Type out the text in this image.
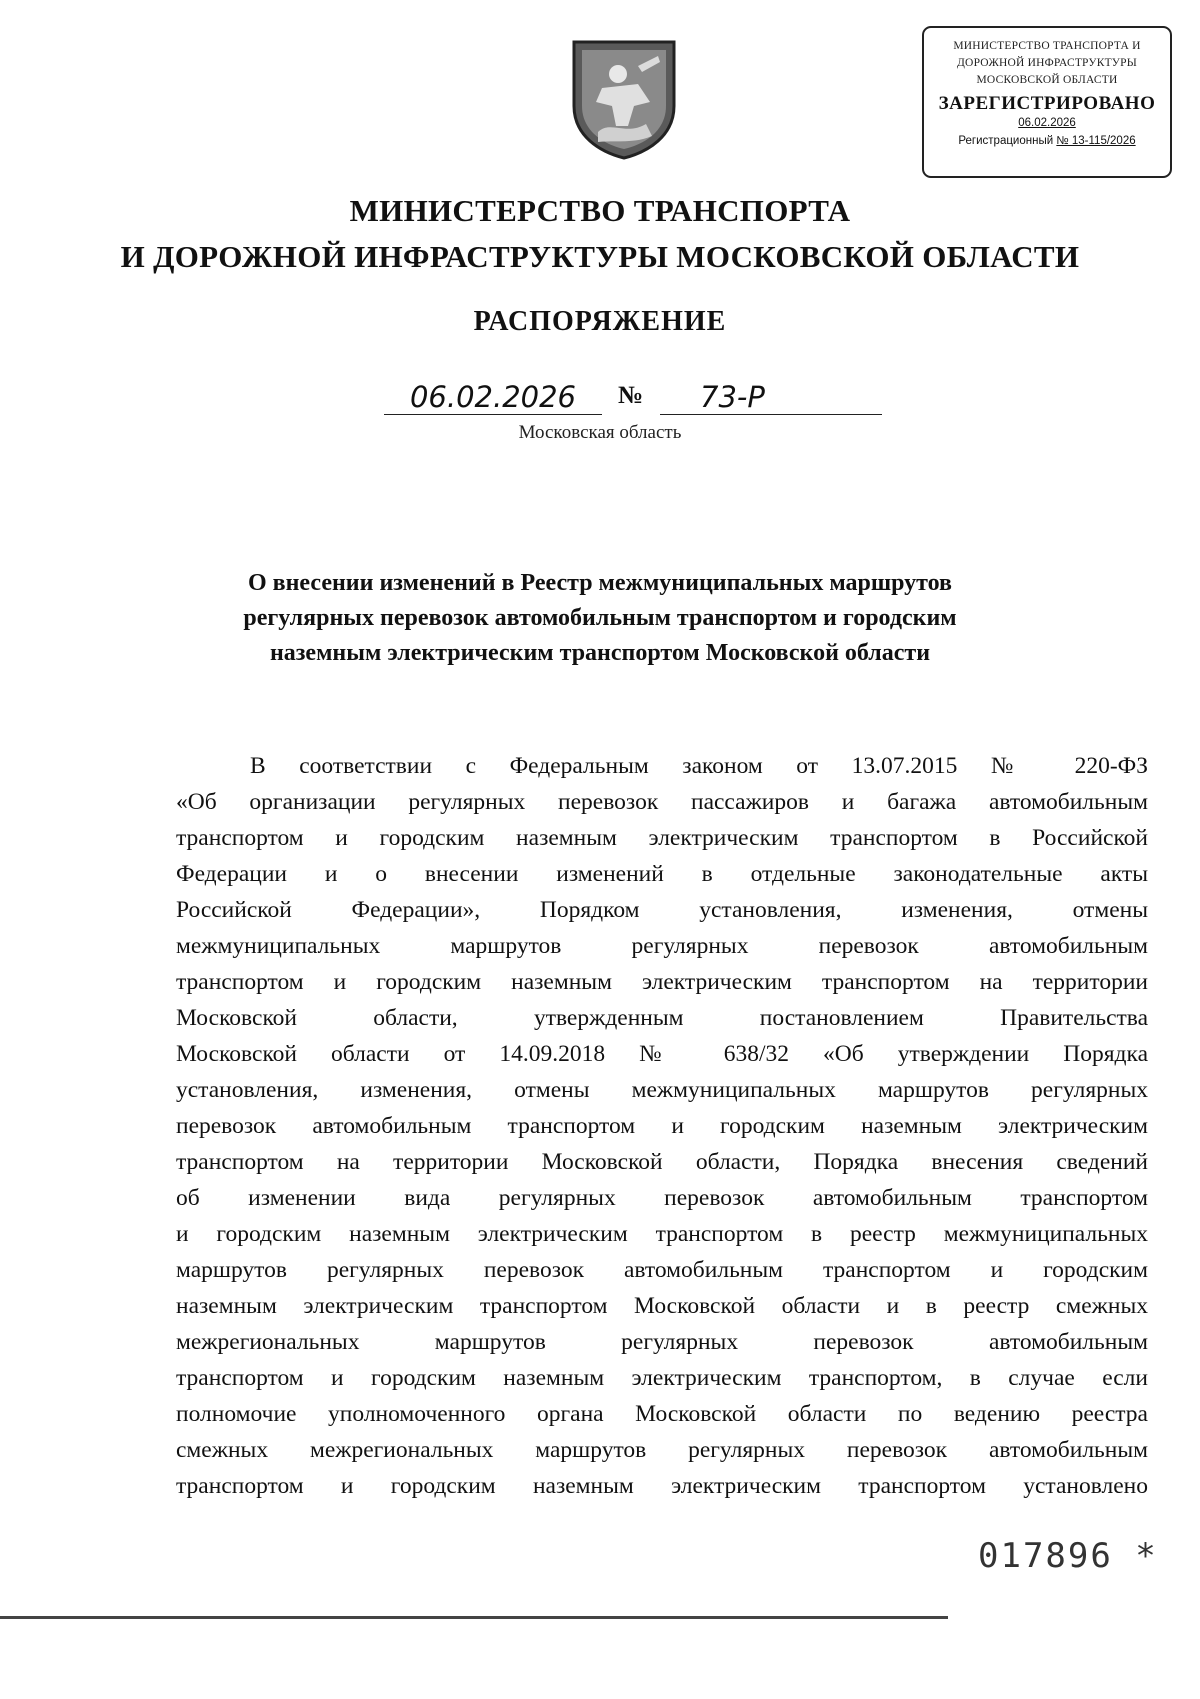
МИНИСТЕРСТВО ТРАНСПОРТА И
ДОРОЖНОЙ ИНФРАСТРУКТУРЫ
МОСКОВСКОЙ ОБЛАСТИ
ЗАРЕГИСТРИРОВАНО
06.02.2026
Регистрационный № 13-115/2026
МИНИСТЕРСТВО ТРАНСПОРТА
И ДОРОЖНОЙ ИНФРАСТРУКТУРЫ МОСКОВСКОЙ ОБЛАСТИ
РАСПОРЯЖЕНИЕ
06.02.2026	№	73-Р
Московская область
О внесении изменений в Реестр межмуниципальных маршрутов
регулярных перевозок автомобильным транспортом и городским
наземным электрическим транспортом Московской области
В соответствии с Федеральным законом от 13.07.2015 № 220-ФЗ
«Об организации регулярных перевозок пассажиров и багажа автомобильным
транспортом и городским наземным электрическим транспортом в Российской
Федерации и о внесении изменений в отдельные законодательные акты
Российской Федерации», Порядком установления, изменения, отмены
межмуниципальных маршрутов регулярных перевозок автомобильным
транспортом и городским наземным электрическим транспортом на территории
Московской области, утвержденным постановлением Правительства
Московской области от 14.09.2018 № 638/32 «Об утверждении Порядка
установления, изменения, отмены межмуниципальных маршрутов регулярных
перевозок автомобильным транспортом и городским наземным электрическим
транспортом на территории Московской области, Порядка внесения сведений
об изменении вида регулярных перевозок автомобильным транспортом
и городским наземным электрическим транспортом в реестр межмуниципальных
маршрутов регулярных перевозок автомобильным транспортом и городским
наземным электрическим транспортом Московской области и в реестр смежных
межрегиональных маршрутов регулярных перевозок автомобильным
транспортом и городским наземным электрическим транспортом, в случае если
полномочие уполномоченного органа Московской области по ведению реестра
смежных межрегиональных маршрутов регулярных перевозок автомобильным
транспортом и городским наземным электрическим транспортом установлено
017896 *
